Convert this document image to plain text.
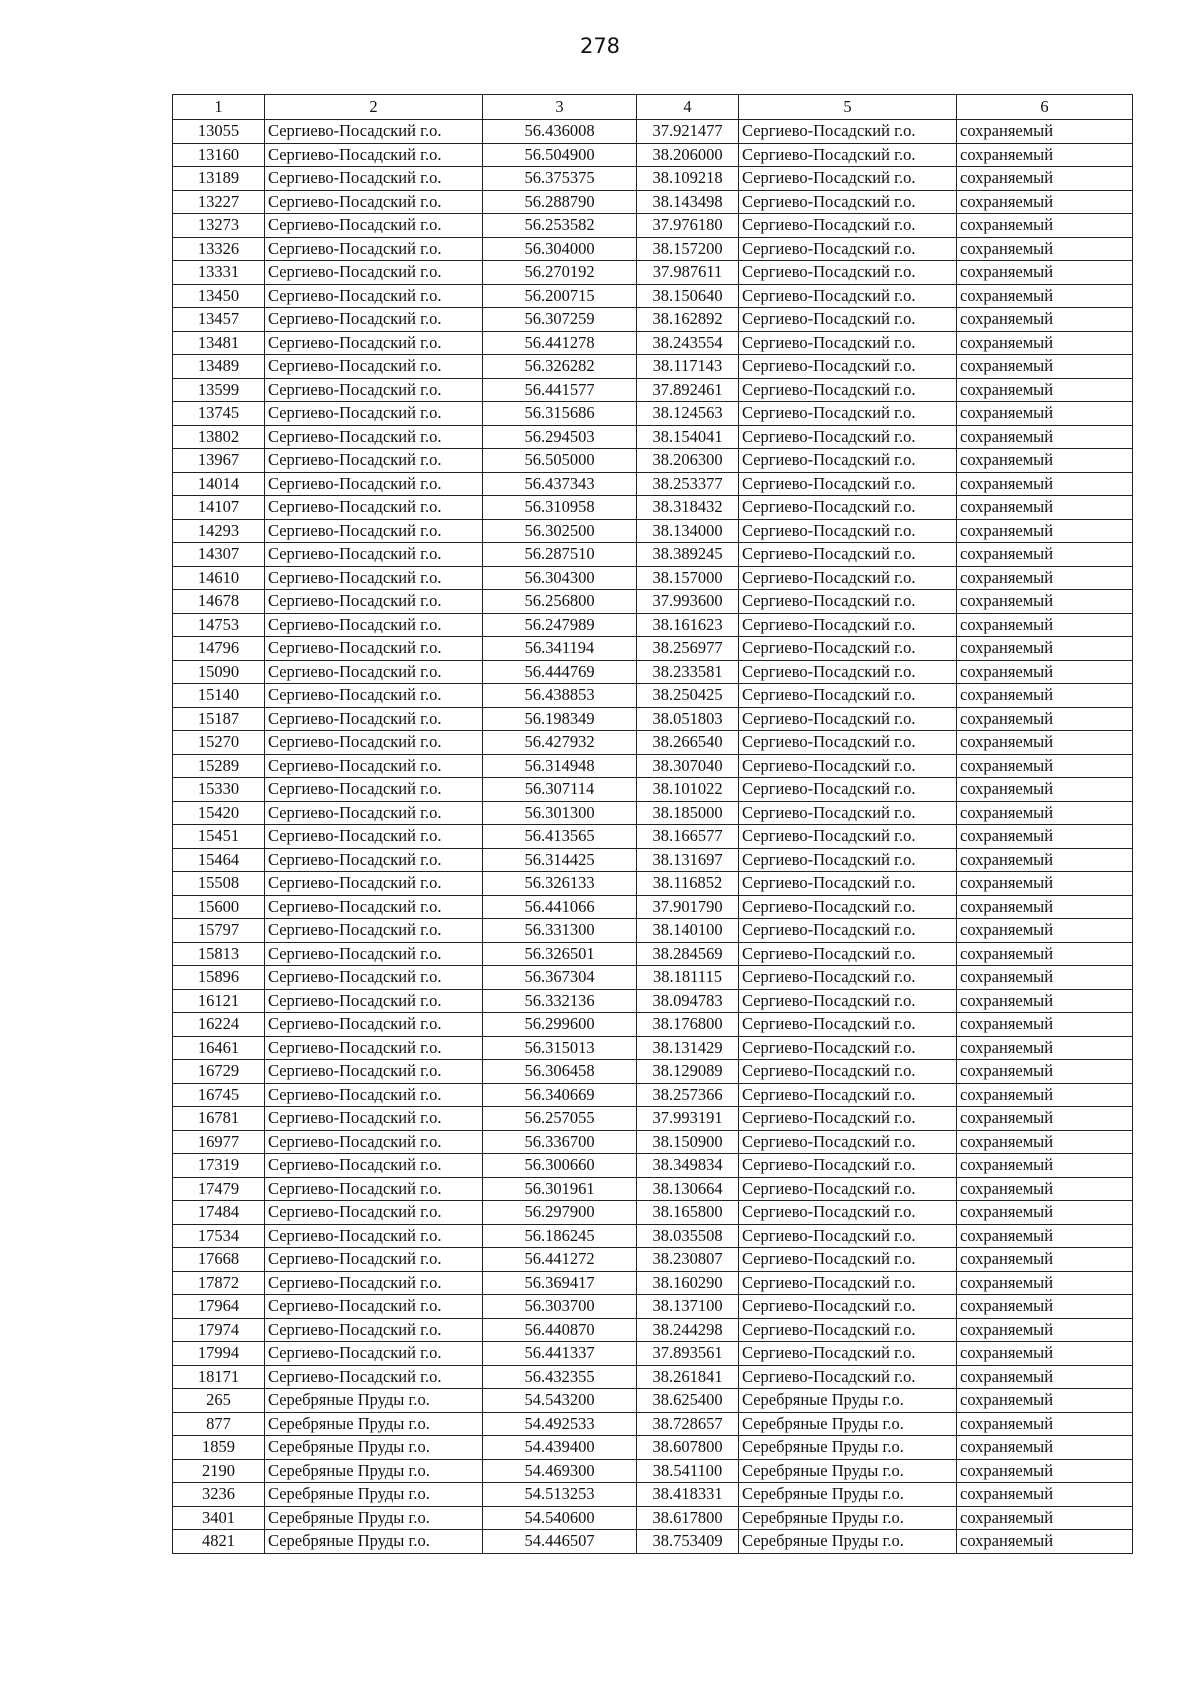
278
1	2	3	4	5	6
13055	Сергиево-Посадский г.о.	56.436008	37.921477	Сергиево-Посадский г.о.	сохраняемый
13160	Сергиево-Посадский г.о.	56.504900	38.206000	Сергиево-Посадский г.о.	сохраняемый
13189	Сергиево-Посадский г.о.	56.375375	38.109218	Сергиево-Посадский г.о.	сохраняемый
13227	Сергиево-Посадский г.о.	56.288790	38.143498	Сергиево-Посадский г.о.	сохраняемый
13273	Сергиево-Посадский г.о.	56.253582	37.976180	Сергиево-Посадский г.о.	сохраняемый
13326	Сергиево-Посадский г.о.	56.304000	38.157200	Сергиево-Посадский г.о.	сохраняемый
13331	Сергиево-Посадский г.о.	56.270192	37.987611	Сергиево-Посадский г.о.	сохраняемый
13450	Сергиево-Посадский г.о.	56.200715	38.150640	Сергиево-Посадский г.о.	сохраняемый
13457	Сергиево-Посадский г.о.	56.307259	38.162892	Сергиево-Посадский г.о.	сохраняемый
13481	Сергиево-Посадский г.о.	56.441278	38.243554	Сергиево-Посадский г.о.	сохраняемый
13489	Сергиево-Посадский г.о.	56.326282	38.117143	Сергиево-Посадский г.о.	сохраняемый
13599	Сергиево-Посадский г.о.	56.441577	37.892461	Сергиево-Посадский г.о.	сохраняемый
13745	Сергиево-Посадский г.о.	56.315686	38.124563	Сергиево-Посадский г.о.	сохраняемый
13802	Сергиево-Посадский г.о.	56.294503	38.154041	Сергиево-Посадский г.о.	сохраняемый
13967	Сергиево-Посадский г.о.	56.505000	38.206300	Сергиево-Посадский г.о.	сохраняемый
14014	Сергиево-Посадский г.о.	56.437343	38.253377	Сергиево-Посадский г.о.	сохраняемый
14107	Сергиево-Посадский г.о.	56.310958	38.318432	Сергиево-Посадский г.о.	сохраняемый
14293	Сергиево-Посадский г.о.	56.302500	38.134000	Сергиево-Посадский г.о.	сохраняемый
14307	Сергиево-Посадский г.о.	56.287510	38.389245	Сергиево-Посадский г.о.	сохраняемый
14610	Сергиево-Посадский г.о.	56.304300	38.157000	Сергиево-Посадский г.о.	сохраняемый
14678	Сергиево-Посадский г.о.	56.256800	37.993600	Сергиево-Посадский г.о.	сохраняемый
14753	Сергиево-Посадский г.о.	56.247989	38.161623	Сергиево-Посадский г.о.	сохраняемый
14796	Сергиево-Посадский г.о.	56.341194	38.256977	Сергиево-Посадский г.о.	сохраняемый
15090	Сергиево-Посадский г.о.	56.444769	38.233581	Сергиево-Посадский г.о.	сохраняемый
15140	Сергиево-Посадский г.о.	56.438853	38.250425	Сергиево-Посадский г.о.	сохраняемый
15187	Сергиево-Посадский г.о.	56.198349	38.051803	Сергиево-Посадский г.о.	сохраняемый
15270	Сергиево-Посадский г.о.	56.427932	38.266540	Сергиево-Посадский г.о.	сохраняемый
15289	Сергиево-Посадский г.о.	56.314948	38.307040	Сергиево-Посадский г.о.	сохраняемый
15330	Сергиево-Посадский г.о.	56.307114	38.101022	Сергиево-Посадский г.о.	сохраняемый
15420	Сергиево-Посадский г.о.	56.301300	38.185000	Сергиево-Посадский г.о.	сохраняемый
15451	Сергиево-Посадский г.о.	56.413565	38.166577	Сергиево-Посадский г.о.	сохраняемый
15464	Сергиево-Посадский г.о.	56.314425	38.131697	Сергиево-Посадский г.о.	сохраняемый
15508	Сергиево-Посадский г.о.	56.326133	38.116852	Сергиево-Посадский г.о.	сохраняемый
15600	Сергиево-Посадский г.о.	56.441066	37.901790	Сергиево-Посадский г.о.	сохраняемый
15797	Сергиево-Посадский г.о.	56.331300	38.140100	Сергиево-Посадский г.о.	сохраняемый
15813	Сергиево-Посадский г.о.	56.326501	38.284569	Сергиево-Посадский г.о.	сохраняемый
15896	Сергиево-Посадский г.о.	56.367304	38.181115	Сергиево-Посадский г.о.	сохраняемый
16121	Сергиево-Посадский г.о.	56.332136	38.094783	Сергиево-Посадский г.о.	сохраняемый
16224	Сергиево-Посадский г.о.	56.299600	38.176800	Сергиево-Посадский г.о.	сохраняемый
16461	Сергиево-Посадский г.о.	56.315013	38.131429	Сергиево-Посадский г.о.	сохраняемый
16729	Сергиево-Посадский г.о.	56.306458	38.129089	Сергиево-Посадский г.о.	сохраняемый
16745	Сергиево-Посадский г.о.	56.340669	38.257366	Сергиево-Посадский г.о.	сохраняемый
16781	Сергиево-Посадский г.о.	56.257055	37.993191	Сергиево-Посадский г.о.	сохраняемый
16977	Сергиево-Посадский г.о.	56.336700	38.150900	Сергиево-Посадский г.о.	сохраняемый
17319	Сергиево-Посадский г.о.	56.300660	38.349834	Сергиево-Посадский г.о.	сохраняемый
17479	Сергиево-Посадский г.о.	56.301961	38.130664	Сергиево-Посадский г.о.	сохраняемый
17484	Сергиево-Посадский г.о.	56.297900	38.165800	Сергиево-Посадский г.о.	сохраняемый
17534	Сергиево-Посадский г.о.	56.186245	38.035508	Сергиево-Посадский г.о.	сохраняемый
17668	Сергиево-Посадский г.о.	56.441272	38.230807	Сергиево-Посадский г.о.	сохраняемый
17872	Сергиево-Посадский г.о.	56.369417	38.160290	Сергиево-Посадский г.о.	сохраняемый
17964	Сергиево-Посадский г.о.	56.303700	38.137100	Сергиево-Посадский г.о.	сохраняемый
17974	Сергиево-Посадский г.о.	56.440870	38.244298	Сергиево-Посадский г.о.	сохраняемый
17994	Сергиево-Посадский г.о.	56.441337	37.893561	Сергиево-Посадский г.о.	сохраняемый
18171	Сергиево-Посадский г.о.	56.432355	38.261841	Сергиево-Посадский г.о.	сохраняемый
265	Серебряные Пруды г.о.	54.543200	38.625400	Серебряные Пруды г.о.	сохраняемый
877	Серебряные Пруды г.о.	54.492533	38.728657	Серебряные Пруды г.о.	сохраняемый
1859	Серебряные Пруды г.о.	54.439400	38.607800	Серебряные Пруды г.о.	сохраняемый
2190	Серебряные Пруды г.о.	54.469300	38.541100	Серебряные Пруды г.о.	сохраняемый
3236	Серебряные Пруды г.о.	54.513253	38.418331	Серебряные Пруды г.о.	сохраняемый
3401	Серебряные Пруды г.о.	54.540600	38.617800	Серебряные Пруды г.о.	сохраняемый
4821	Серебряные Пруды г.о.	54.446507	38.753409	Серебряные Пруды г.о.	сохраняемый
